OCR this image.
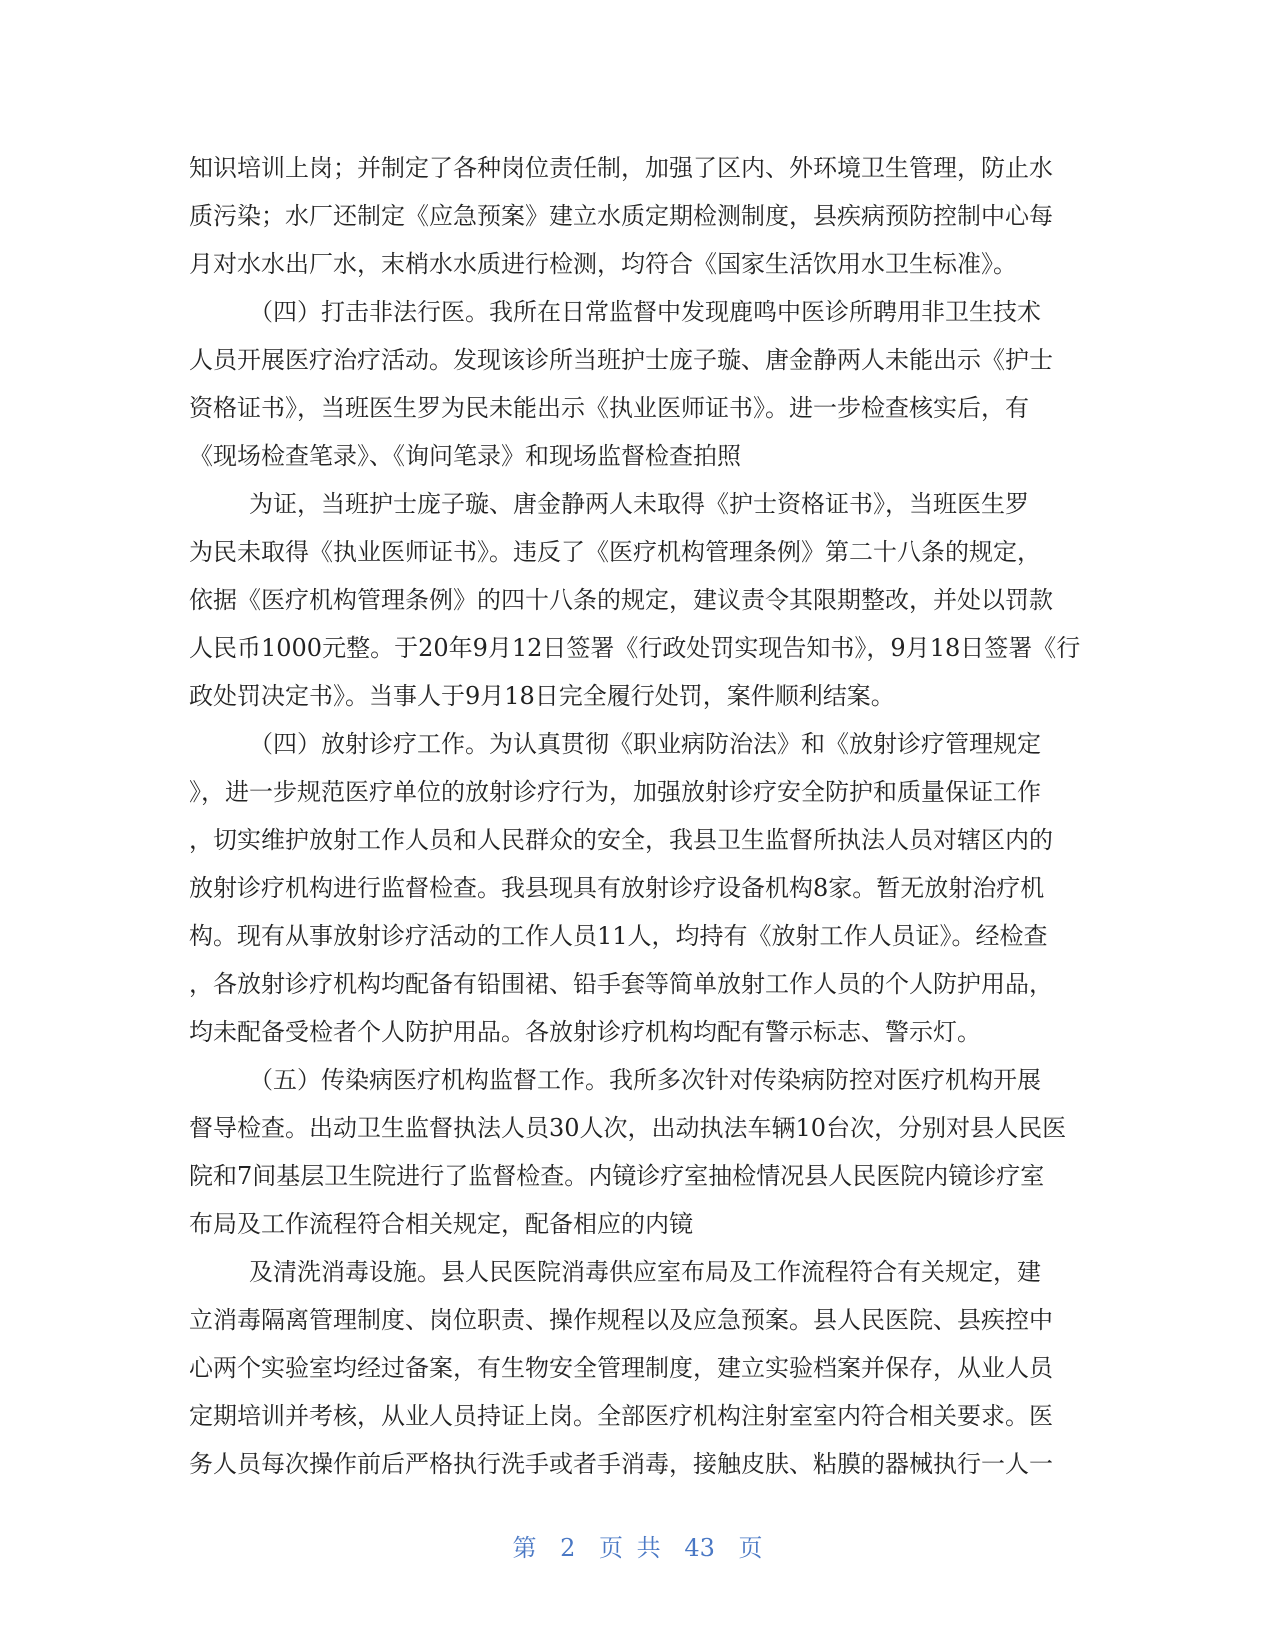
知识培训上岗；并制定了各种岗位责任制，加强了区内、外环境卫生管理，防止水
质污染；水厂还制定《应急预案》建立水质定期检测制度，县疾病预防控制中心每
月对水水出厂水，末梢水水质进行检测，均符合《国家生活饮用水卫生标准》。
（四）打击非法行医。我所在日常监督中发现鹿鸣中医诊所聘用非卫生技术
人员开展医疗治疗活动。发现该诊所当班护士庞子璇、唐金静两人未能出示《护士
资格证书》，当班医生罗为民未能出示《执业医师证书》。进一步检查核实后，有
《现场检查笔录》、《询问笔录》和现场监督检查拍照
为证，当班护士庞子璇、唐金静两人未取得《护士资格证书》，当班医生罗
为民未取得《执业医师证书》。违反了《医疗机构管理条例》第二十八条的规定，
依据《医疗机构管理条例》的四十八条的规定，建议责令其限期整改，并处以罚款
人民币1000元整。于20年9月12日签署《行政处罚实现告知书》，9月18日签署《行
政处罚决定书》。当事人于9月18日完全履行处罚，案件顺利结案。
（四）放射诊疗工作。为认真贯彻《职业病防治法》和《放射诊疗管理规定
》，进一步规范医疗单位的放射诊疗行为，加强放射诊疗安全防护和质量保证工作
，切实维护放射工作人员和人民群众的安全，我县卫生监督所执法人员对辖区内的
放射诊疗机构进行监督检查。我县现具有放射诊疗设备机构8家。暂无放射治疗机
构。现有从事放射诊疗活动的工作人员11人，均持有《放射工作人员证》。经检查
，各放射诊疗机构均配备有铅围裙、铅手套等简单放射工作人员的个人防护用品，
均未配备受检者个人防护用品。各放射诊疗机构均配有警示标志、警示灯。
（五）传染病医疗机构监督工作。我所多次针对传染病防控对医疗机构开展
督导检查。出动卫生监督执法人员30人次，出动执法车辆10台次，分别对县人民医
院和7间基层卫生院进行了监督检查。内镜诊疗室抽检情况县人民医院内镜诊疗室
布局及工作流程符合相关规定，配备相应的内镜
及清洗消毒设施。县人民医院消毒供应室布局及工作流程符合有关规定，建
立消毒隔离管理制度、岗位职责、操作规程以及应急预案。县人民医院、县疾控中
心两个实验室均经过备案，有生物安全管理制度，建立实验档案并保存，从业人员
定期培训并考核，从业人员持证上岗。全部医疗机构注射室室内符合相关要求。医
务人员每次操作前后严格执行洗手或者手消毒，接触皮肤、粘膜的器械执行一人一
第 2 页 共 43 页
